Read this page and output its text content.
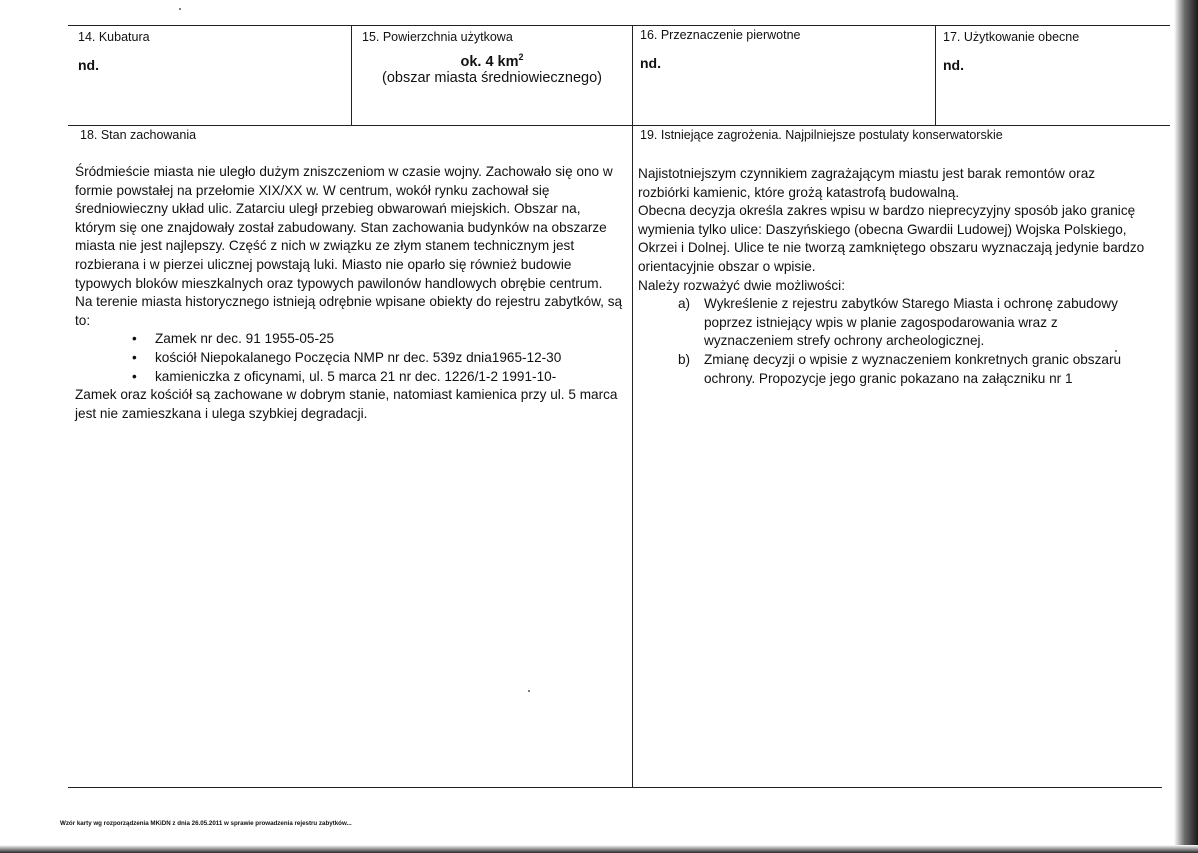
14. Kubatura
nd.
15. Powierzchnia użytkowa
ok. 4 $km^2$
(obszar miasta średniowiecznego)
16. Przeznaczenie pierwotne
nd.
17. Użytkowanie obecne
nd.
18. Stan zachowania

Śródmieście miasta nie uległo dużym zniszczeniom w czasie wojny. Zachowało się ono w formie powstałej na przełomie XIX/XX w. W centrum, wokół rynku zachował się średniowieczny układ ulic. Zatarciu uległ przebieg obwarowań miejskich. Obszar na, którym się one znajdowały został zabudowany. Stan zachowania budynków na obszarze miasta nie jest najlepszy. Część z nich w związku ze złym stanem technicznym jest rozbierana i w pierzei ulicznej powstają luki. Miasto nie oparło się również budowie typowych bloków mieszkalnych oraz typowych pawilonów handlowych obrębie centrum.

Na terenie miasta historycznego istnieją odrębnie wpisane obiekty do rejestru zabytków, są to:

• Zamek nr dec. 91 1955-05-25
• kościół Niepokalanego Poczęcia NMP nr dec. 539z dnia1965-12-30
• kamieniczka z oficynami, ul. 5 marca 21 nr dec. 1226/1-2 1991-10-

Zamek oraz kościół są zachowane w dobrym stanie, natomiast kamienica przy ul. 5 marca jest nie zamieszkana i ulega szybkiej degradacji.

19. Istniejące zagrożenia. Najpilniejsze postulaty konserwatorskie

Najistotniejszym czynnikiem zagrażającym miastu jest barak remontów oraz rozbiórki kamienic, które grożą katastrofą budowalną.

Obecna decyzja określa zakres wpisu w bardzo nieprecyzyjny sposób jako granicę wymienia tylko ulice: Daszyńskiego (obecna Gwardii Ludowej) Wojska Polskiego, Okrzei i Dolnej. Ulice te nie tworzą zamkniętego obszaru wyznaczają jedynie bardzo orientacyjnie obszar o wpisie.

Należy rozważyć dwie możliwości:

a) Wykreślenie z rejestru zabytków Starego Miasta i ochronę zabudowy poprzez istniejący wpis w planie zagospodarowania wraz z wyznaczeniem strefy ochrony archeologicznej.
b) Zmianę decyzji o wpisie z wyznaczeniem konkretnych granic obszaru ochrony. Propozycje jego granic pokazano na załączniku nr 1
Wzór karty wg rozporządzenia MKiDN z dnia 26.05.2011 w sprawie prowadzenia rejestru zabytków...
